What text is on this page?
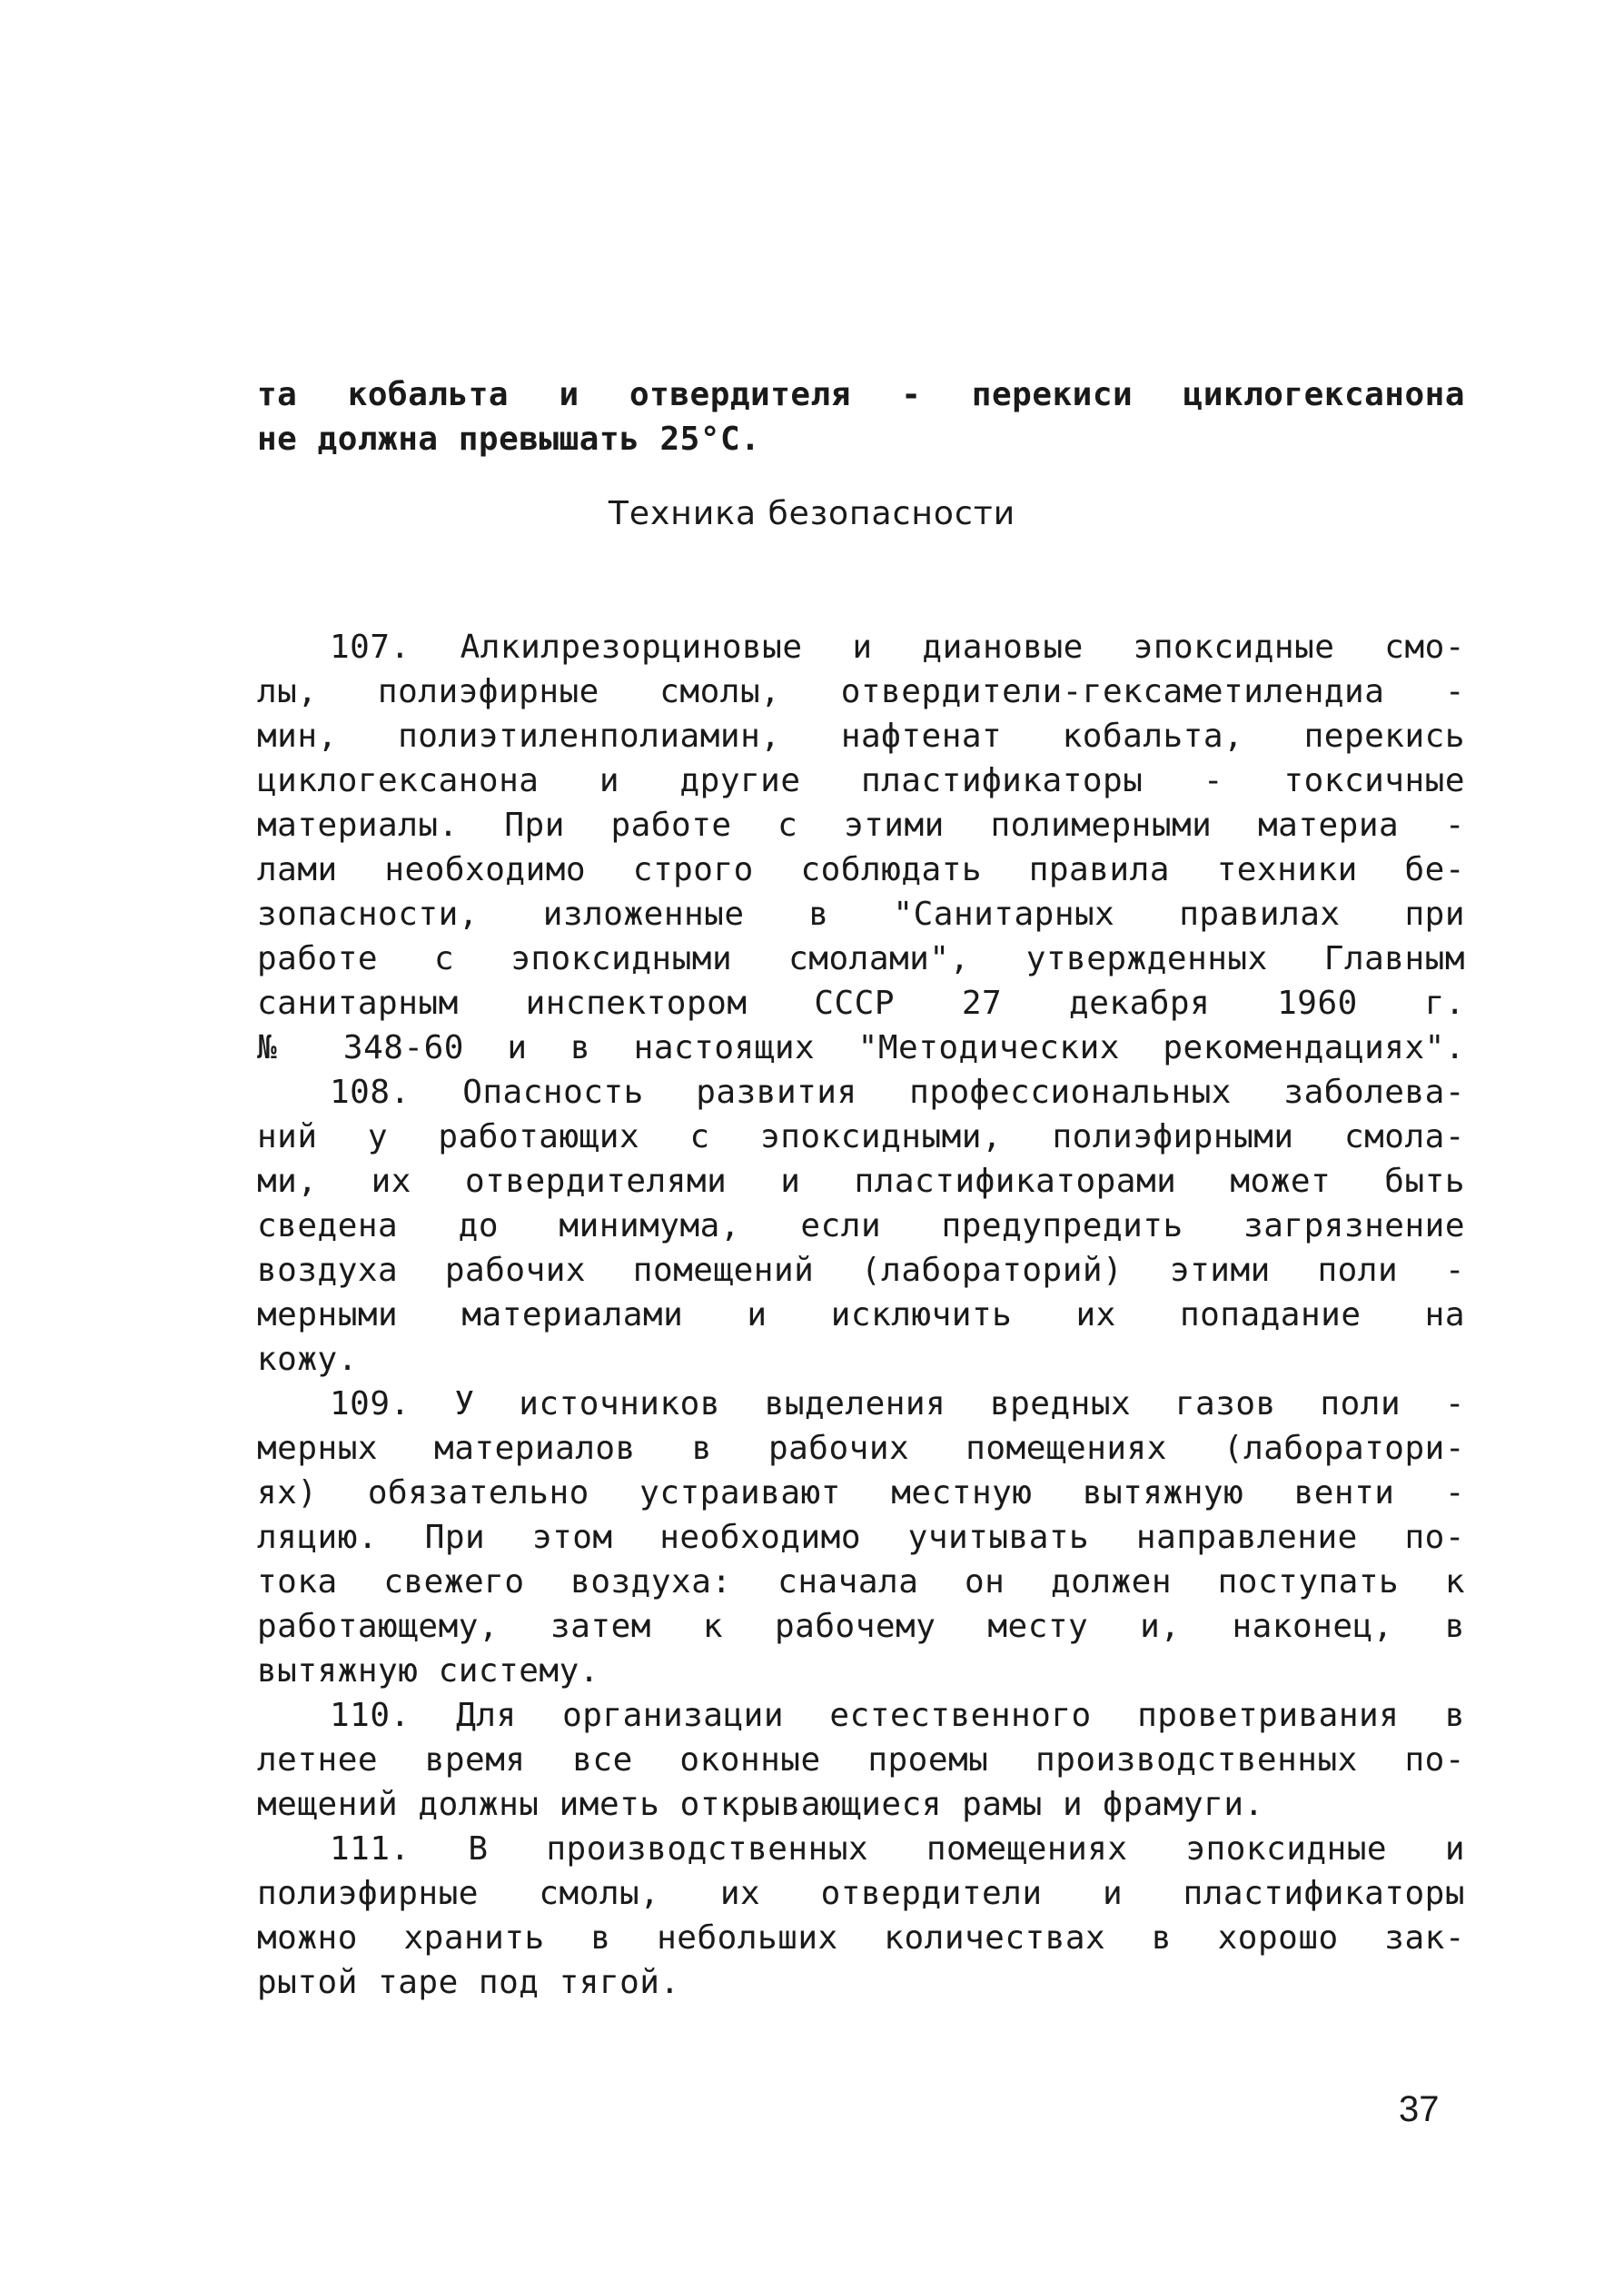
та кобальта и отвердителя - перекиси циклогексанона
не должна превышать 25°С.
Техника безопасности
107. Алкилрезорциновые и диановые эпоксидные смо-
лы, полиэфирные смолы, отвердители-гексаметилендиа -
мин, полиэтиленполиамин, нафтенат кобальта, перекись
циклогексанона и другие пластификаторы - токсичные
материалы. При работе с этими полимерными материа -
лами необходимо строго соблюдать правила техники бе-
зопасности, изложенные в "Санитарных правилах при
работе с эпоксидными смолами", утвержденных Главным
санитарным инспектором СССР 27 декабря 1960 г.
№ 348-60 и в настоящих "Методических рекомендациях".
108. Опасность развития профессиональных заболева-
ний у работающих с эпоксидными, полиэфирными смола-
ми, их отвердителями и пластификаторами может быть
сведена до минимума, если предупредить загрязнение
воздуха рабочих помещений (лабораторий) этими поли -
мерными материалами и исключить их попадание на
кожу.
109. У источников выделения вредных газов поли -
мерных материалов в рабочих помещениях (лаборатори-
ях) обязательно устраивают местную вытяжную венти -
ляцию. При этом необходимо учитывать направление по-
тока свежего воздуха: сначала он должен поступать к
работающему, затем к рабочему месту и, наконец, в
вытяжную систему.
110. Для организации естественного проветривания в
летнее время все оконные проемы производственных по-
мещений должны иметь открывающиеся рамы и фрамуги.
111. В производственных помещениях эпоксидные и
полиэфирные смолы, их отвердители и пластификаторы
можно хранить в небольших количествах в хорошо зак-
рытой таре под тягой.
37
